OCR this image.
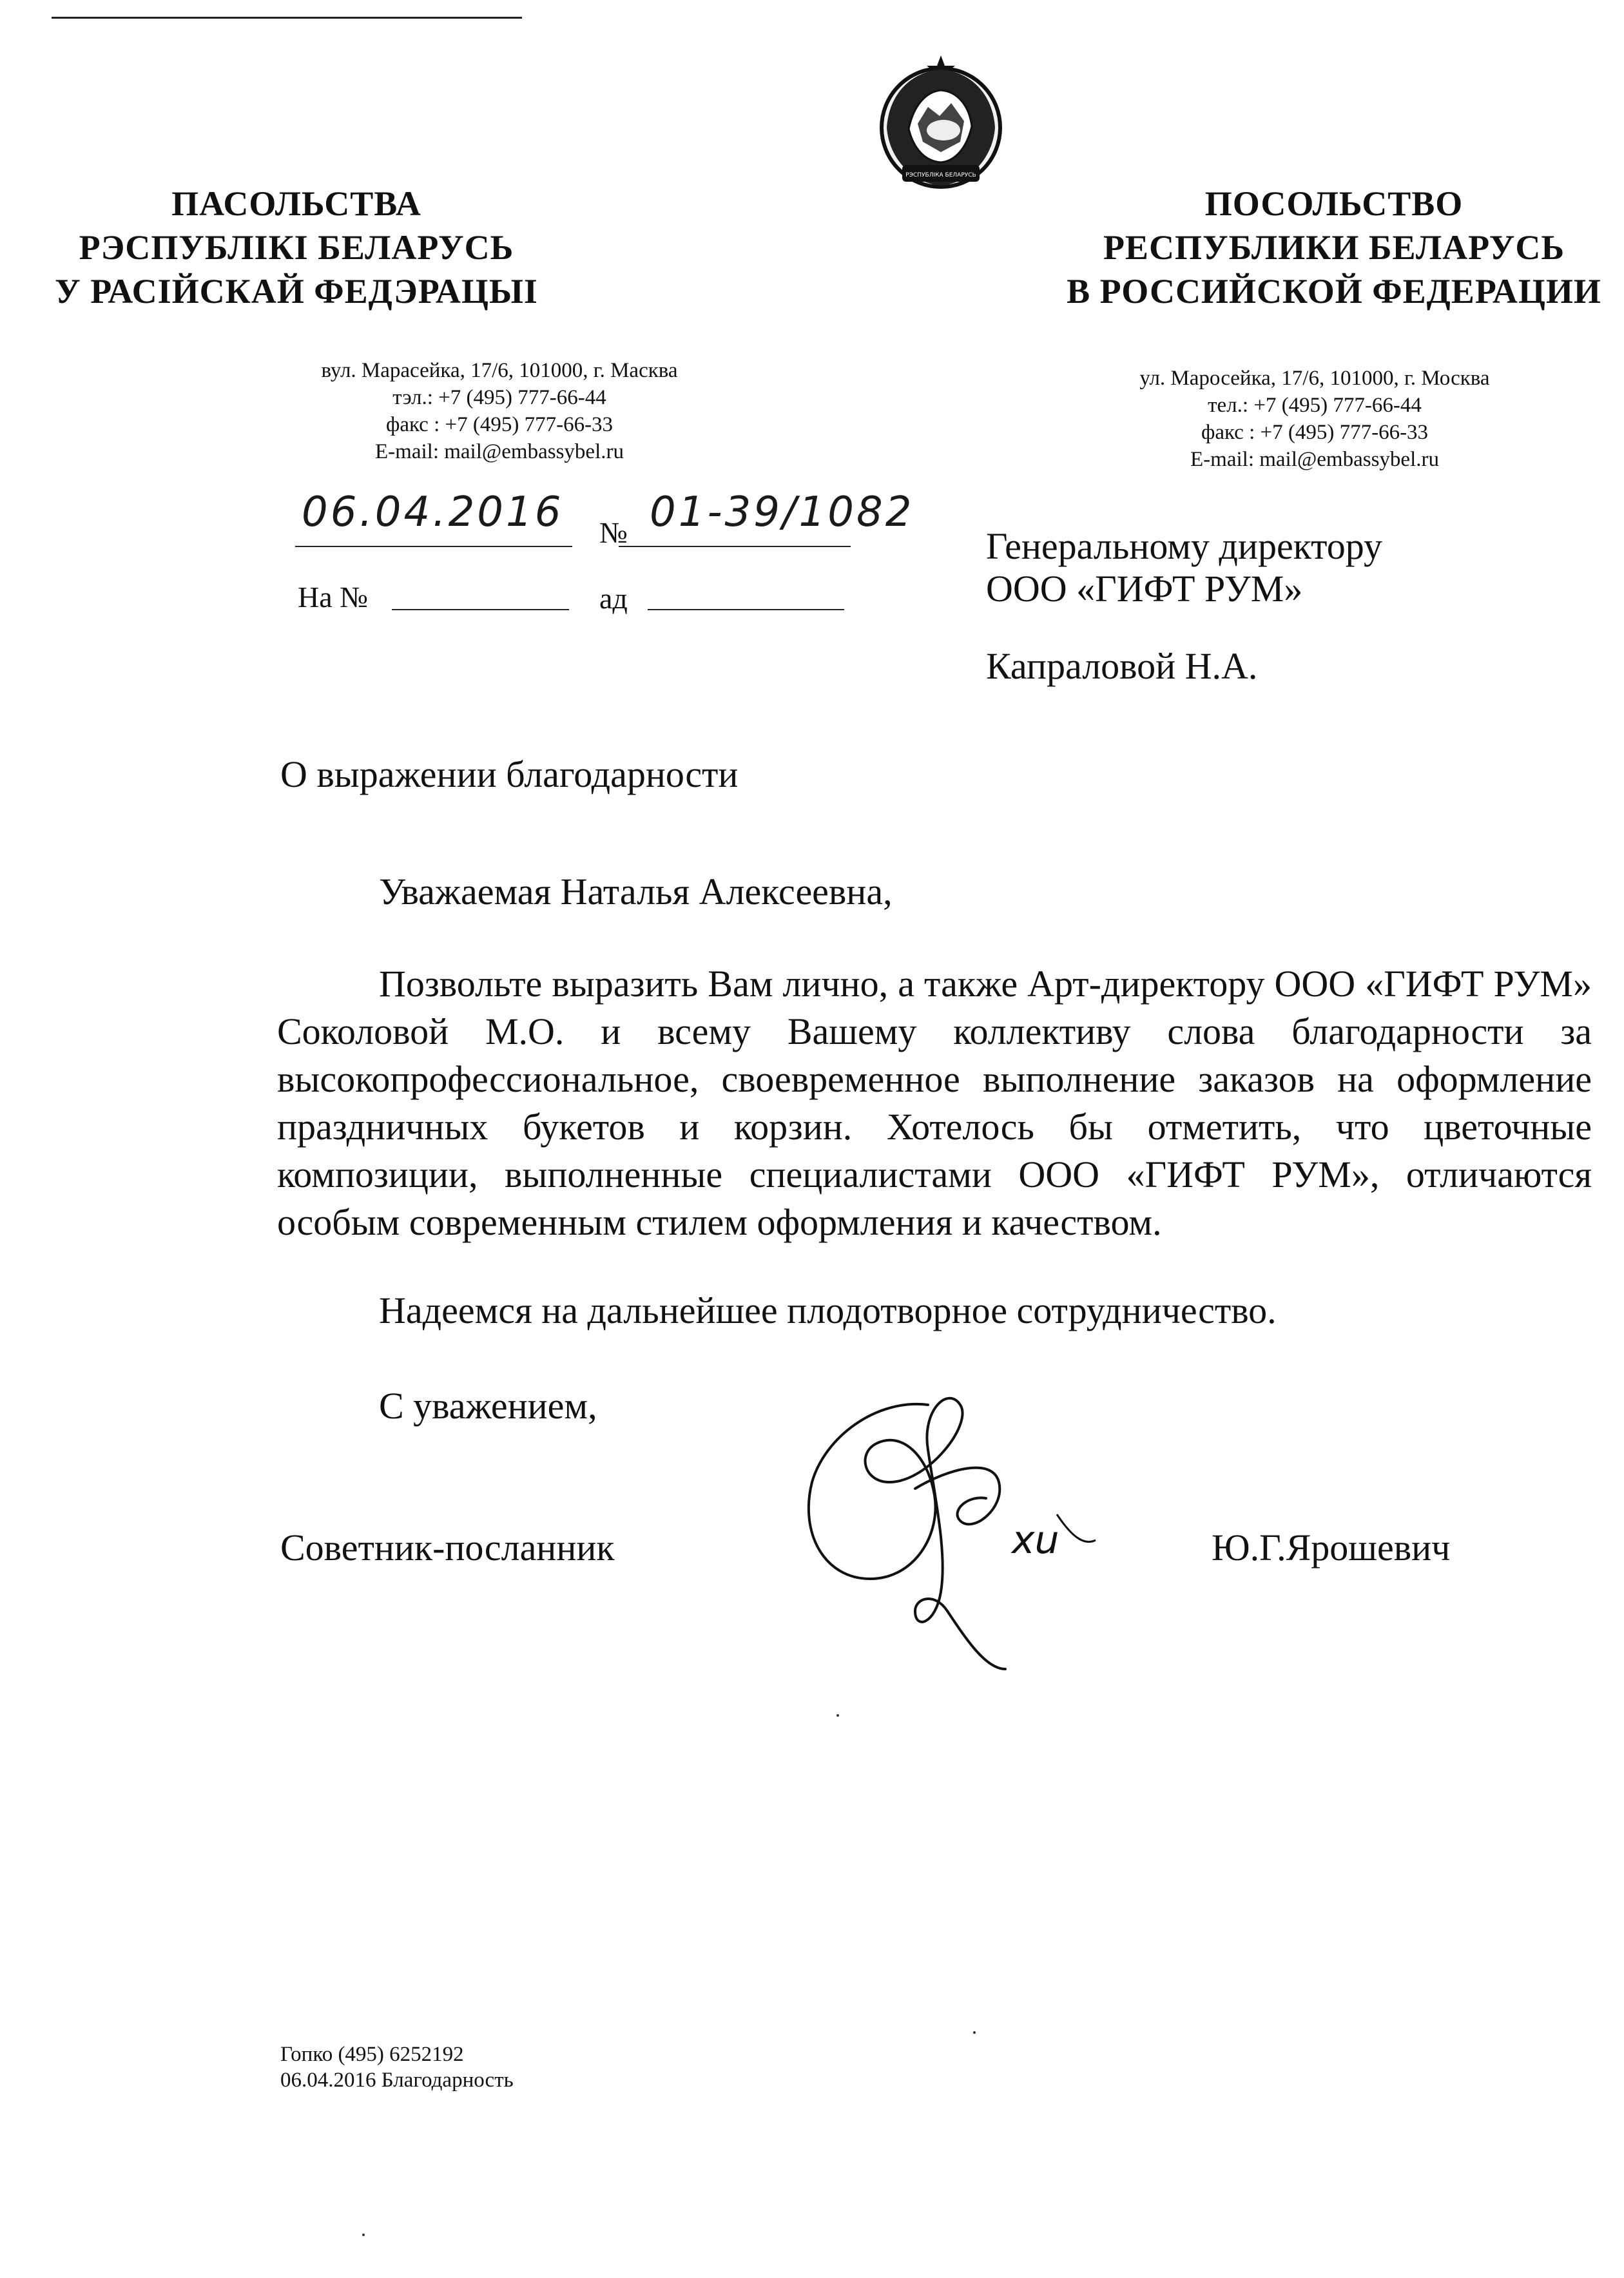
РЭСПУБЛІКА БЕЛАРУСЬ
ПАСОЛЬСТВА
РЭСПУБЛІКІ БЕЛАРУСЬ
У РАСІЙСКАЙ ФЕДЭРАЦЫІ
ПОСОЛЬСТВО
РЕСПУБЛИКИ БЕЛАРУСЬ
В РОССИЙСКОЙ ФЕДЕРАЦИИ
вул. Марасейка, 17/6, 101000, г. Масква
тэл.: +7 (495) 777-66-44
факс : +7 (495) 777-66-33
E-mail: mail@embassybel.ru
ул. Маросейка, 17/6, 101000, г. Москва
тел.: +7 (495) 777-66-44
факс : +7 (495) 777-66-33
E-mail: mail@embassybel.ru
06.04.2016 № 01-39/1082
На №	ад
Генеральному директору
ООО «ГИФТ РУМ»
Капраловой Н.А.
О выражении благодарности
Уважаемая Наталья Алексеевна,

Позвольте выразить Вам лично, а также Арт-директору ООО «ГИФТ РУМ» Соколовой М.О. и всему Вашему коллективу слова благодарности за высокопрофессиональное, своевременное выполнение заказов на оформление праздничных букетов и корзин. Хотелось бы отметить, что цветочные композиции, выполненные специалистами ООО «ГИФТ РУМ», отличаются особым современным стилем оформления и качеством.

Надеемся на дальнейшее плодотворное сотрудничество.
С уважением,
Советник-посланник	Ю.Г.Ярошевич
xu
Гопко (495) 6252192
06.04.2016 Благодарность
